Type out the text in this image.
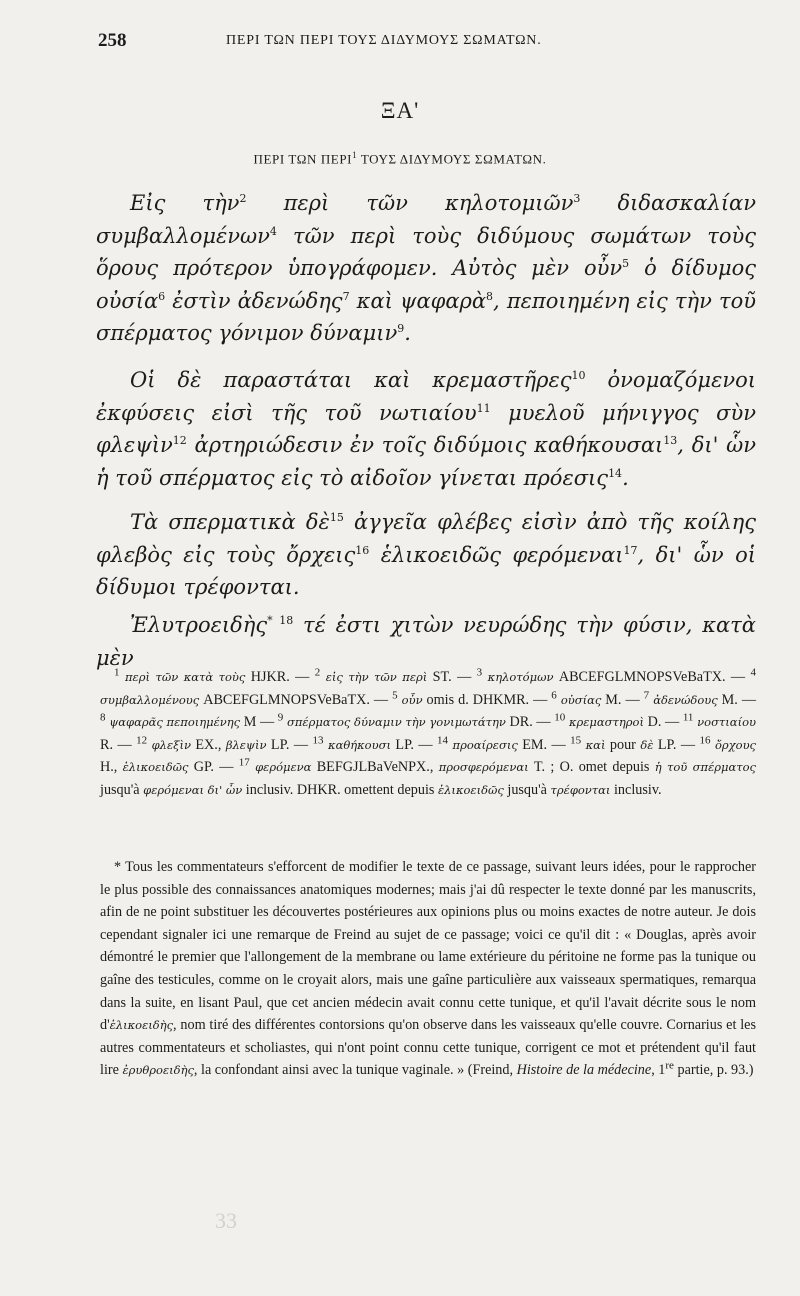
258	ΠΕΡΙ ΤΩΝ ΠΕΡΙ ΤΟΥΣ ΔΙΔΥΜΟΥΣ ΣΩΜΑΤΩΝ.
ΞΑ'
ΠΕΡΙ ΤΩΝ ΠΕΡΙ$^1$ ΤΟΥΣ ΔΙΔΥΜΟΥΣ ΣΩΜΑΤΩΝ.

Εἰς τὴν$^2$ περὶ τῶν κηλοτομιῶν$^3$ διδασκαλίαν συμβαλλομένων$^4$ τῶν περὶ τοὺς διδύμους σωμάτων τοὺς ὅρους πρότερον ὑπογράφομεν. Αὐτὸς μὲν οὖν$^5$ ὁ δίδυμος οὐσία$^6$ ἐστὶν ἀδενώδης$^7$ καὶ ψαφαρὰ$^8$, πεποιημένη εἰς τὴν τοῦ σπέρματος γόνιμον δύναμιν$^9$.

Οἱ δὲ παραστάται καὶ κρεμαστῆρες$^{10}$ ὀνομαζόμενοι ἐκφύσεις εἰσὶ τῆς τοῦ νωτιαίου$^{11}$ μυελοῦ μήνιγγος σὺν φλεψὶν$^{12}$ ἀρτηριώδεσιν ἐν τοῖς διδύμοις καθήκουσαι$^{13}$, δι' ὧν ἡ τοῦ σπέρματος εἰς τὸ αἰδοῖον γίνεται πρόεσις$^{14}$.

Τὰ σπερματικὰ δὲ$^{15}$ ἀγγεῖα φλέβες εἰσὶν ἀπὸ τῆς κοίλης φλεβὸς εἰς τοὺς ὄρχεις$^{16}$ ἑλικοειδῶς φερόμεναι$^{17}$, δι' ὧν οἱ δίδυμοι τρέφονται.

Ἐλυτροειδὴς$^{* 18}$ τέ ἐστι χιτὼν νευρώδης τὴν φύσιν, κατὰ μὲν

$^1$ περὶ τῶν κατὰ τοὺς HJKR. — $^2$ εἰς τὴν τῶν περὶ ST. — $^3$ κηλοτόμων ABCEFGLMNOPSVeBaTX. — $^4$ συμβαλλομένους ABCEFGLMNOPSVeBaTX. — $^5$ οὖν omis d. DHKMR. — $^6$ οὐσίας M. — $^7$ ἀδενώδους M. — $^8$ ψαφαρᾶς πεποιημένης M — $^9$ σπέρματος δύναμιν τὴν γονιμωτάτην DR. — $^{10}$ κρεμαστηροὶ D. — $^{11}$ νοστιαίου R. — $^{12}$ φλεξὶν EX., βλεψὶν LP. — $^{13}$ καθήκουσι LP. — $^{14}$ προαίρεσις EM. — $^{15}$ καὶ pour δὲ LP. — $^{16}$ ὄρχους H., ἑλικοειδῶς GP. — $^{17}$ φερόμενα BEFGJLBaVeNPX., προσφερόμεναι T. ; O. omet depuis ἡ τοῦ σπέρματος jusqu'à φερόμεναι δι' ὧν inclusiv. DHKR. omettent depuis ἑλικοειδῶς jusqu'à τρέφονται inclusiv.

* Tous les commentateurs s'efforcent de modifier le texte de ce passage, suivant leurs idées, pour le rapprocher le plus possible des connaissances anatomiques modernes; mais j'ai dû respecter le texte donné par les manuscrits, afin de ne point substituer les découvertes postérieures aux opinions plus ou moins exactes de notre auteur. Je dois cependant signaler ici une remarque de Freind au sujet de ce passage; voici ce qu'il dit : « Douglas, après avoir démontré le premier que l'allongement de la membrane ou lame extérieure du péritoine ne forme pas la tunique ou gaîne des testicules, comme on le croyait alors, mais une gaîne particulière aux vaisseaux spermatiques, remarqua dans la suite, en lisant Paul, que cet ancien médecin avait connu cette tunique, et qu'il l'avait décrite sous le nom d'ἑλικοειδὴς, nom tiré des différentes contorsions qu'on observe dans les vaisseaux qu'elle couvre. Cornarius et les autres commentateurs et scholiastes, qui n'ont point connu cette tunique, corrigent ce mot et prétendent qu'il faut lire ἐρυθροειδὴς, la confondant ainsi avec la tunique vaginale. » (Freind, Histoire de la médecine, 1re partie, p. 93.)

33
